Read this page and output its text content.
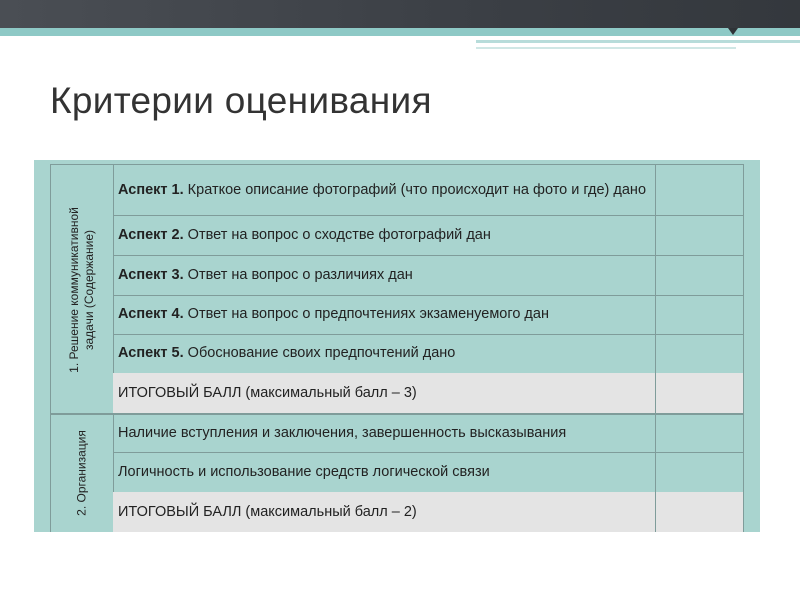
Критерии оценивания
1. Решение коммуникативной задачи (Содержание)
Аспект 1. Краткое описание фотографий (что происходит на фото и где) дано
Аспект 2. Ответ на вопрос о сходстве фотографий дан
Аспект 3. Ответ на вопрос о различиях дан
Аспект 4. Ответ на вопрос о предпочтениях экзаменуемого дан
Аспект 5. Обоснование своих предпочтений дано
ИТОГОВЫЙ БАЛЛ (максимальный балл – 3)
2. Организация Наличие вступления и заключения, завершенность высказывания
Логичность и использование средств логической связи
ИТОГОВЫЙ БАЛЛ (максимальный балл – 2)
